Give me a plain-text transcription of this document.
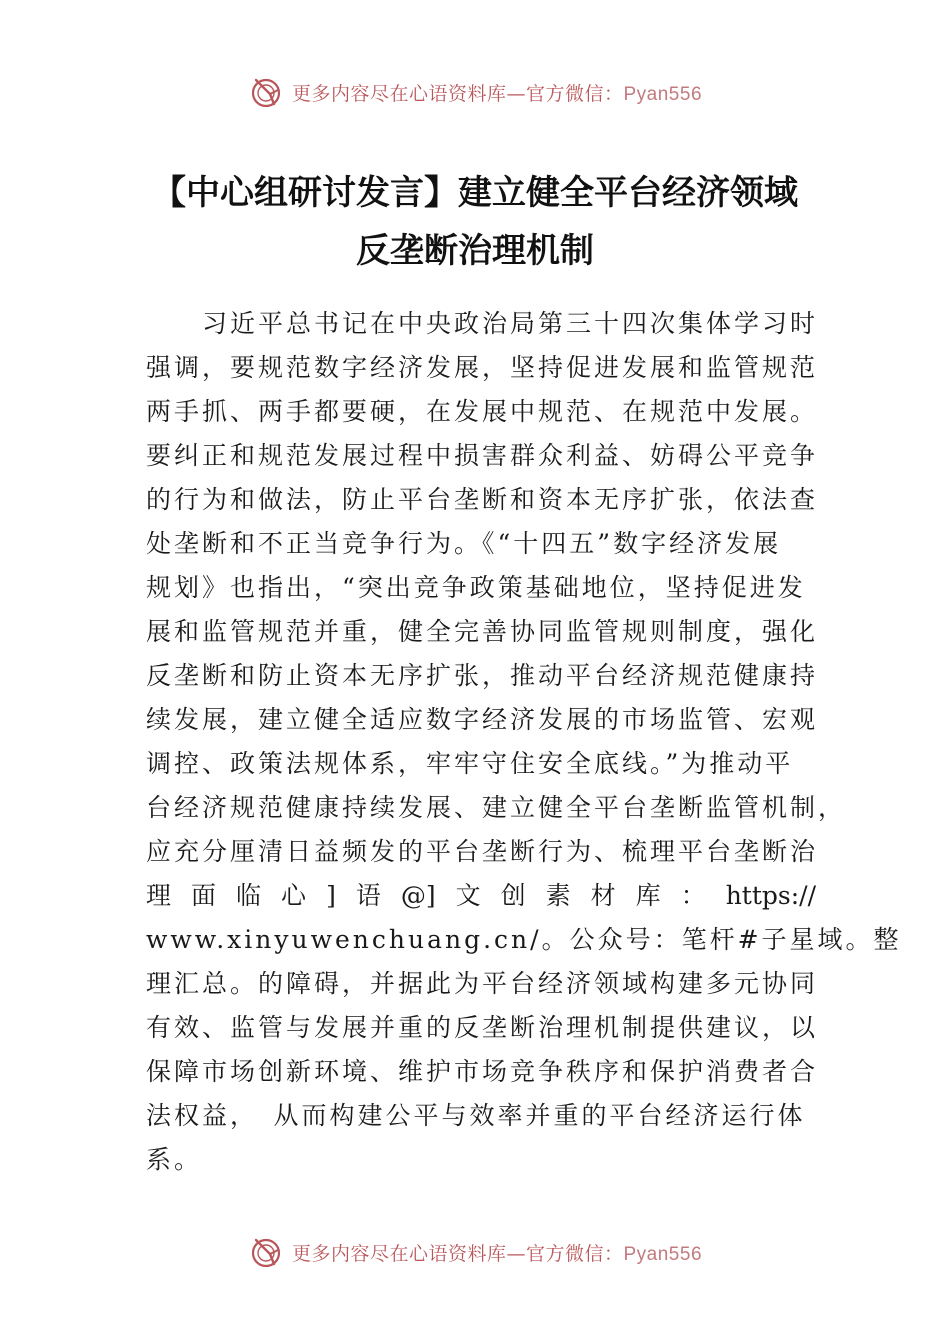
更多内容尽在心语资料库—官方微信：Pyan556
【中心组研讨发言】建立健全平台经济领域
反垄断治理机制
　　习近平总书记在中央政治局第三十四次集体学习时
强调，要规范数字经济发展，坚持促进发展和监管规范
两手抓、两手都要硬，在发展中规范、在规范中发展。
要纠正和规范发展过程中损害群众利益、妨碍公平竞争
的行为和做法，防止平台垄断和资本无序扩张，依法查
处垄断和不正当竞争行为。《“十四五”数字经济发展
规划》也指出，“突出竞争政策基础地位，坚持促进发
展和监管规范并重，健全完善协同监管规则制度，强化
反垄断和防止资本无序扩张，推动平台经济规范健康持
续发展，建立健全适应数字经济发展的市场监管、宏观
调控、政策法规体系，牢牢守住安全底线。”为推动平
台经济规范健康持续发展、建立健全平台垄断监管机制，
应充分厘清日益频发的平台垄断行为、梳理平台垄断治
理 面 临 心 ] 语 @] 文 创 素 材 库 ： https://
www.xinyuwenchuang.cn/。公众号：笔杆#子星域。整
理汇总。的障碍，并据此为平台经济领域构建多元协同
有效、监管与发展并重的反垄断治理机制提供建议，以
保障市场创新环境、维护市场竞争秩序和保护消费者合
法权益，　从而构建公平与效率并重的平台经济运行体
系。
更多内容尽在心语资料库—官方微信：Pyan556
